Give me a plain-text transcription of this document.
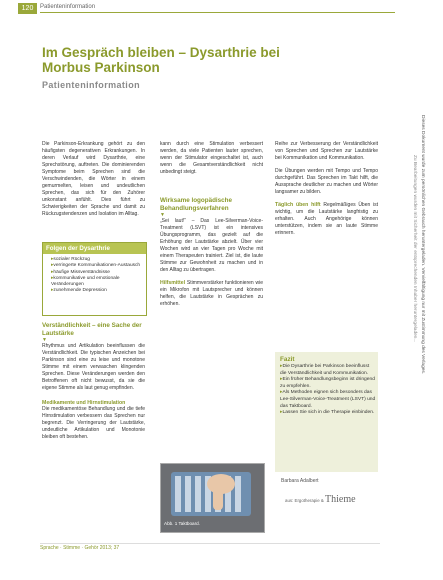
120	Patienteninformation
Im Gespräch bleiben – Dysarthrie bei Morbus Parkinson
Patienteninformation
Dieses Dokument wurde zum persönlichen Gebrauch heruntergeladen. Vervielfältigung nur mit Zustimmung des Verlages.
Zu Bearbeitungen wurden mit Sicherheit der entsprechenden Inhaber heruntergeladen...
Die Parkinson-Erkrankung gehört zu den häufigsten degenerativen Erkrankungen. In deren Verlauf wird Dysarthrie, eine Sprechstörung, auftreten. Die dominierenden Symptome beim Sprechen sind die Verschwindenden, die Wörter in einem gemurmelten, leisen und undeutlichen Sprechen, das sich für den Zuhörer unkonstant anfühlt. Dies führt zu Schwierigkeiten der Sprache und damit zu Rückzugstendenzen und Isolation im Alltag.
Folgen der Dysarthrie
▸ sozialer Rückzug
▸ verringerte Kommunikationen-Austausch
▸ häufige Missverständnisse
▸ kommunikative und emotionale Veränderungen
▸ zunehmende Depression
Verständlichkeit – eine Sache der Lautstärke
▼
Rhythmus und Artikulation beeinflussen die Verständlichkeit. Die typischen Anzeichen bei Parkinson sind eine zu leise und monotone Stimme mit einem verwaschen klingenden Sprechen. Diese Veränderungen werden den Betroffenen oft nicht bewusst, da sie die eigene Stimme als laut genug empfinden.
Medikamente und Hirnstimulation
Die medikamentöse Behandlung und die tiefe Hirnstimulation verbessern das Sprechen nur begrenzt. Die Verringerung der Lautstärke, undeutliche Artikulation und Monotonie bleiben oft bestehen.
kann durch eine Stimulation verbessert werden, da viele Patienten lauter sprechen, wenn der Stimulator eingeschaltet ist, auch wenn die Gesamtverständlichkeit nicht unbedingt steigt.
Wirksame logopädische Behandlungsverfahren
▼
„Sei laut!“ – Das Lee-Silverman-Voice-Treatment (LSVT) ist ein intensives Übungsprogramm, das gezielt auf die Erhöhung der Lautstärke abzielt. Über vier Wochen wird an vier Tagen pro Woche mit einem Therapeuten trainiert. Ziel ist, die laute Stimme zur Gewohnheit zu machen und in den Alltag zu übertragen.
Hilfsmittel Stimmverstärker funktionieren wie ein Mikrofon mit Lautsprecher und können helfen, die Lautstärke in Gesprächen zu erhöhen.
Abb. 1 Taktboard.
Reihe zur Verbesserung der Verständlichkeit von Sprechen und Sprechen zur Lautstärke bei Kommunikation und Kommunikation.
Die Übungen werden mit Tempo und Tempo durchgeführt. Das Sprechen im Takt hilft, die Aussprache deutlicher zu machen und Wörter langsamer zu bilden.
Täglich üben hilft Regelmäßiges Üben ist wichtig, um die Lautstärke langfristig zu erhalten. Auch Angehörige können unterstützen, indem sie an laute Stimme erinnern.
▸ Die Dysarthrie bei Parkinson beeinflusst die Verständlichkeit und Kommunikation.
▸ Ein früher Behandlungsbeginn ist dringend zu empfehlen.
▸ Als Methoden eignen sich besonders das Lee-Silverman-Voice-Treatment (LSVT) und das Taktboard.
▸ Lassen Sie sich in die Therapie einbinden.
Fazit
Barbara Adalbert
aus: Ergotherapie & Thieme
Sprache · Stimme · Gehör 2013; 37
